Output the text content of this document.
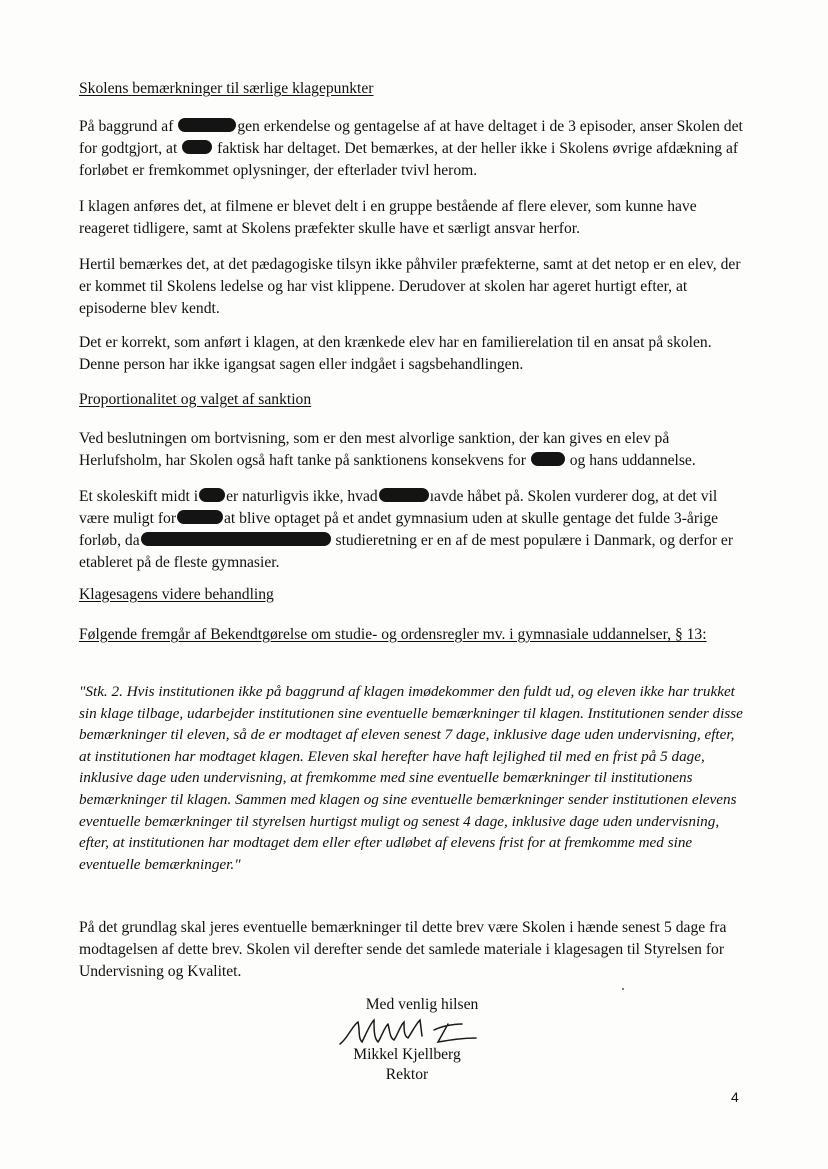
Skolens bemærkninger til særlige klagepunkter

På baggrund af	gen erkendelse og gentagelse af at have deltaget i de 3 episoder, anser Skolen det for godtgjort, at	faktisk har deltaget. Det bemærkes, at der heller ikke i Skolens øvrige afdækning af forløbet er fremkommet oplysninger, der efterlader tvivl herom.

I klagen anføres det, at filmene er blevet delt i en gruppe bestående af flere elever, som kunne have reageret tidligere, samt at Skolens præfekter skulle have et særligt ansvar herfor.

Hertil bemærkes det, at det pædagogiske tilsyn ikke påhviler præfekterne, samt at det netop er en elev, der er kommet til Skolens ledelse og har vist klippene. Derudover at skolen har ageret hurtigt efter, at episoderne blev kendt.

Det er korrekt, som anført i klagen, at den krænkede elev har en familierelation til en ansat på skolen. Denne person har ikke igangsat sagen eller indgået i sagsbehandlingen.

Proportionalitet og valget af sanktion

Ved beslutningen om bortvisning, som er den mest alvorlige sanktion, der kan gives en elev på Herlufsholm, har Skolen også haft tanke på sanktionens konsekvens for	og hans uddannelse.

Et skoleskift midt i er naturligvis ikke, hvad	ıavde håbet på. Skolen vurderer dog, at det vil være muligt for	at blive optaget på et andet gymnasium uden at skulle gentage det fulde 3-årige forløb, da	studieretning er en af de mest populære i Danmark, og derfor er etableret på de fleste gymnasier.

Klagesagens videre behandling
Følgende fremgår af Bekendtgørelse om studie- og ordensregler mv. i gymnasiale uddannelser, § 13:

"Stk. 2. Hvis institutionen ikke på baggrund af klagen imødekommer den fuldt ud, og eleven ikke har trukket sin klage tilbage, udarbejder institutionen sine eventuelle bemærkninger til klagen. Institutionen sender disse bemærkninger til eleven, så de er modtaget af eleven senest 7 dage, inklusive dage uden undervisning, efter, at institutionen har modtaget klagen. Eleven skal herefter have haft lejlighed til med en frist på 5 dage, inklusive dage uden undervisning, at fremkomme med sine eventuelle bemærkninger til institutionens bemærkninger til klagen. Sammen med klagen og sine eventuelle bemærkninger sender institutionen elevens eventuelle bemærkninger til styrelsen hurtigst muligt og senest 4 dage, inklusive dage uden undervisning, efter, at institutionen har modtaget dem eller efter udløbet af elevens frist for at fremkomme med sine eventuelle bemærkninger."

På det grundlag skal jeres eventuelle bemærkninger til dette brev være Skolen i hænde senest 5 dage fra modtagelsen af dette brev. Skolen vil derefter sende det samlede materiale i klagesagen til Styrelsen for Undervisning og Kvalitet.

Med venlig hilsen
Mikkel Kjellberg
Rektor
4
